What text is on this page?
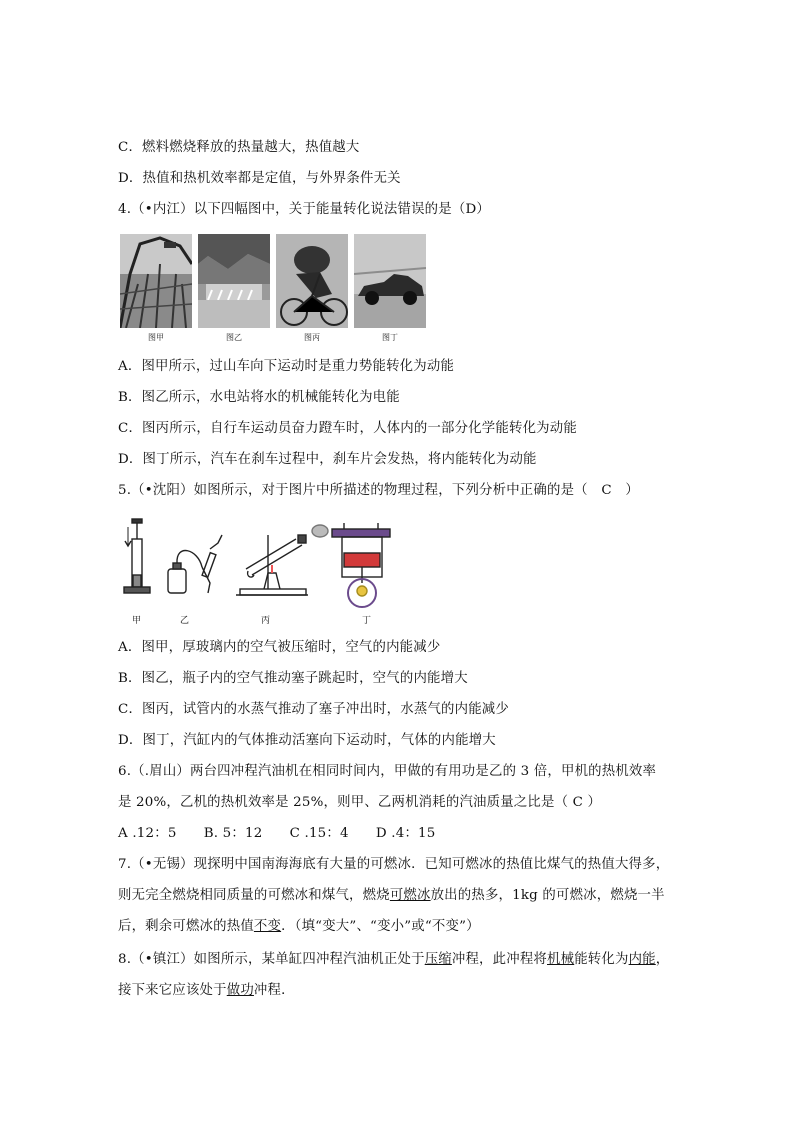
C．燃料燃烧释放的热量越大，热值越大
D．热值和热机效率都是定值，与外界条件无关
4.（•内江）以下四幅图中，关于能量转化说法错误的是（D）
图甲	图乙	图丙	图丁
A．图甲所示，过山车向下运动时是重力势能转化为动能
B．图乙所示，水电站将水的机械能转化为电能
C．图丙所示，自行车运动员奋力蹬车时，人体内的一部分化学能转化为动能
D．图丁所示，汽车在刹车过程中，刹车片会发热，将内能转化为动能
5.（•沈阳）如图所示，对于图片中所描述的物理过程，下列分析中正确的是（　C　）
甲	乙	丙	丁
A．图甲，厚玻璃内的空气被压缩时，空气的内能减少
B．图乙，瓶子内的空气推动塞子跳起时，空气的内能增大
C．图丙，试管内的水蒸气推动了塞子冲出时，水蒸气的内能减少
D．图丁，汽缸内的气体推动活塞向下运动时，气体的内能增大
6.（.眉山）两台四冲程汽油机在相同时间内，甲做的有用功是乙的 3 倍，甲机的热机效率
是 20%，乙机的热机效率是 25%，则甲、乙两机消耗的汽油质量之比是（ C ）
A .12：5　　B. 5：12　　C .15：4　　D .4：15
7.（•无锡）现探明中国南海海底有大量的可燃冰．已知可燃冰的热值比煤气的热值大得多，
则无完全燃烧相同质量的可燃冰和煤气，燃烧可燃冰放出的热多，1kg 的可燃冰，燃烧一半
后，剩余可燃冰的热值不变．（填“变大”、“变小”或“不变”）
8.（•镇江）如图所示，某单缸四冲程汽油机正处于压缩冲程，此冲程将机械能转化为内能，
接下来它应该处于做功冲程．
